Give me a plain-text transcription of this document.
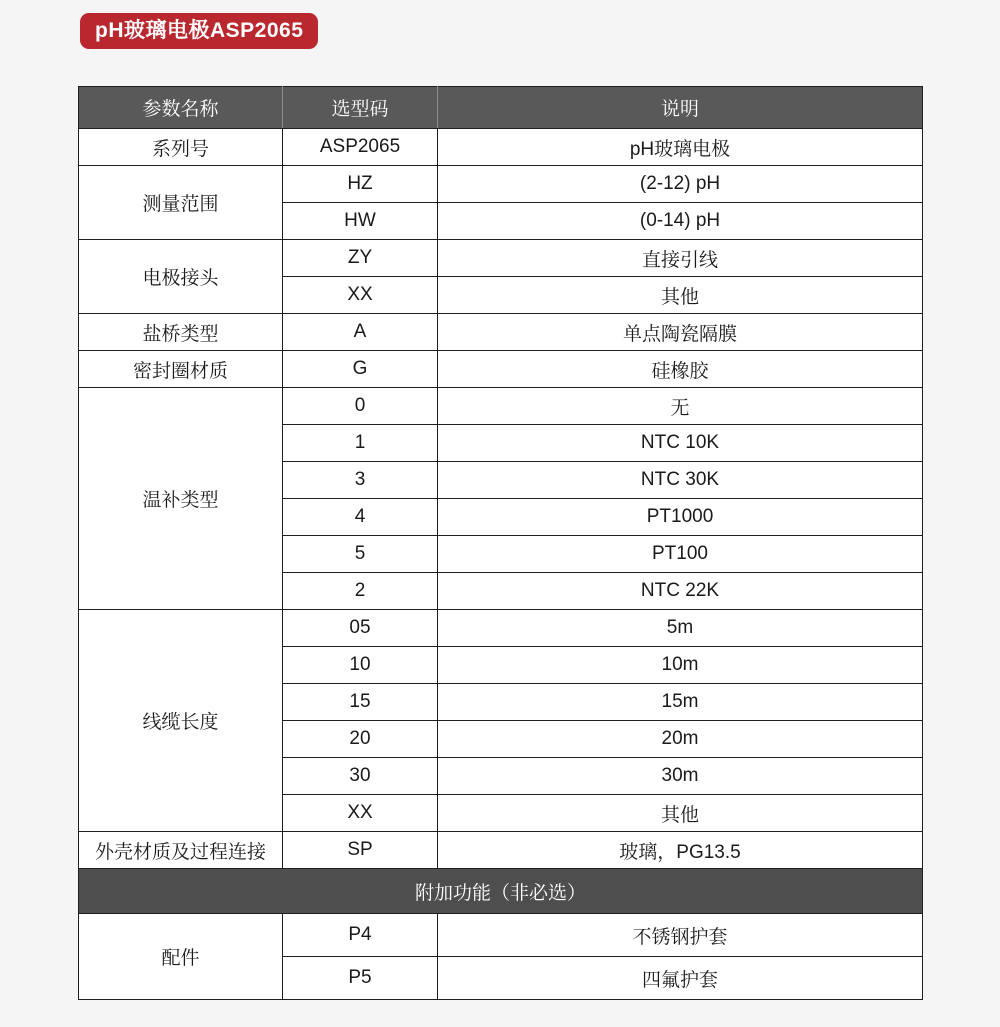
pH玻璃电极ASP2065
参数名称	选型码	说明
系列号	ASP2065	pH玻璃电极
测量范围	HZ	(2-12) pH
	HW	(0-14) pH
电极接头	ZY	直接引线
	XX	其他
盐桥类型	A	单点陶瓷隔膜
密封圈材质	G	硅橡胶
温补类型	0	无
	1	NTC 10K
	3	NTC 30K
	4	PT1000
	5	PT100
	2	NTC 22K
线缆长度	05	5m
	10	10m
	15	15m
	20	20m
	30	30m
	XX	其他
外壳材质及过程连接	SP	玻璃，PG13.5
附加功能（非必选）		
配件	P4	不锈钢护套
	P5	四氟护套
